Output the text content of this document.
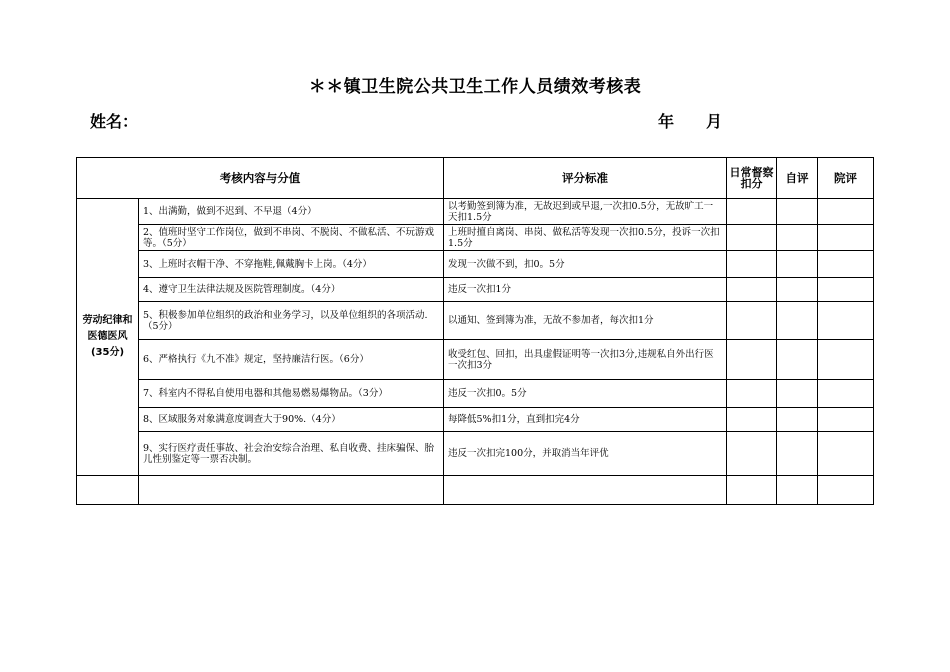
＊＊镇卫生院公共卫生工作人员绩效考核表
姓名：	年 月
考核内容与分值		评分标准	日常督察扣分	自评	院评
劳动纪律和医德医风(35分)	1、出满勤，做到不迟到、不早退（4分）	以考勤签到簿为准，无故迟到或早退,一次扣0.5分，无故旷工一天扣1.5分			
	2、值班时坚守工作岗位，做到不串岗、不脱岗、不做私活、不玩游戏等。（5分）	上班时擅自离岗、串岗、做私活等发现一次扣0.5分，投诉一次扣1.5分			
	3、上班时衣帽干净、不穿拖鞋,佩戴胸卡上岗。（4分）	发现一次做不到，扣0。5分			
	4、遵守卫生法律法规及医院管理制度。（4分）	违反一次扣1分			
	5、积极参加单位组织的政治和业务学习，以及单位组织的各项活动.（5分）	以通知、签到簿为准，无故不参加者，每次扣1分			
	6、严格执行《九不准》规定，坚持廉洁行医。（6分）	收受红包、回扣，出具虚假证明等一次扣3分,违规私自外出行医一次扣3分			
	7、科室内不得私自使用电器和其他易燃易爆物品。（3分）	违反一次扣0。5分			
	8、区域服务对象满意度调查大于90%.（4分）	每降低5%扣1分，直到扣完4分			
	9、实行医疗责任事故、社会治安综合治理、私自收费、挂床骗保、胎儿性别鉴定等一票否决制。	违反一次扣完100分，并取消当年评优			
